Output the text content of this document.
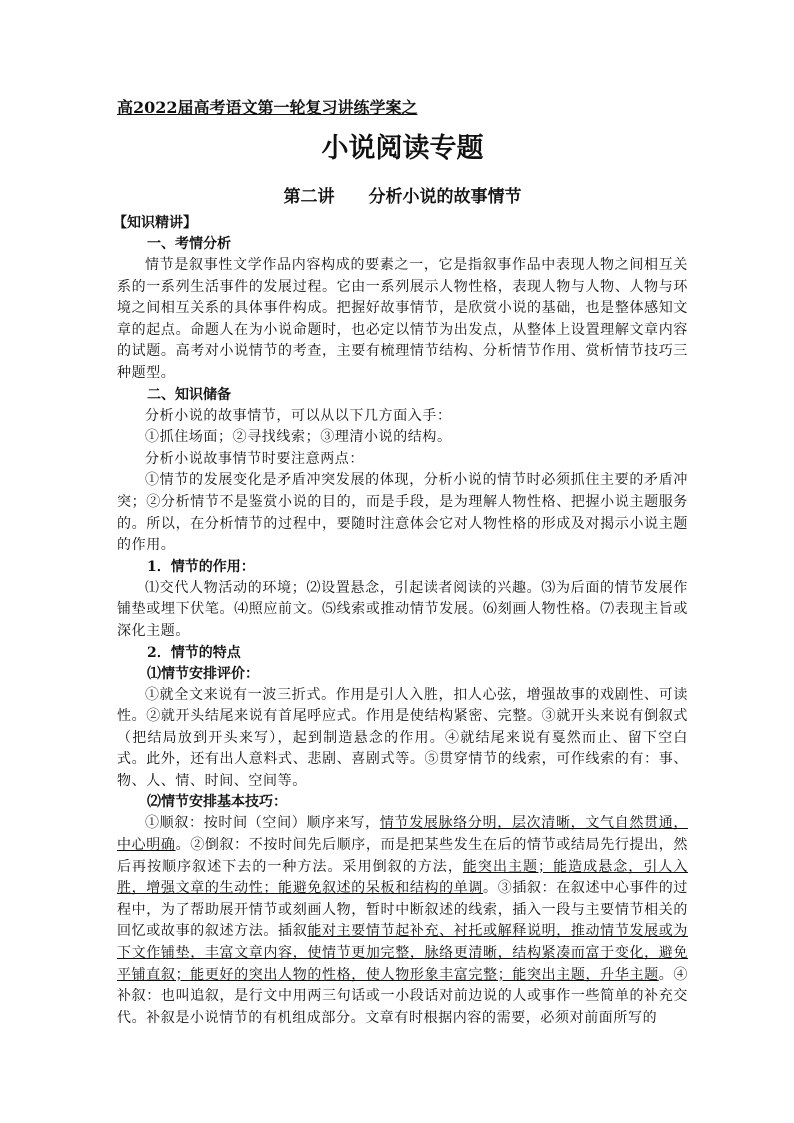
高2022届高考语文第一轮复习讲练学案之
小说阅读专题
第二讲 分析小说的故事情节
【知识精讲】
一、考情分析

情节是叙事性文学作品内容构成的要素之一，它是指叙事作品中表现人物之间相互关系的一系列生活事件的发展过程。它由一系列展示人物性格，表现人物与人物、人物与环境之间相互关系的具体事件构成。把握好故事情节，是欣赏小说的基础，也是整体感知文章的起点。命题人在为小说命题时，也必定以情节为出发点，从整体上设置理解文章内容的试题。高考对小说情节的考查，主要有梳理情节结构、分析情节作用、赏析情节技巧三种题型。

二、知识储备

分析小说的故事情节，可以从以下几方面入手：

①抓住场面；②寻找线索；③理清小说的结构。

分析小说故事情节时要注意两点：

①情节的发展变化是矛盾冲突发展的体现，分析小说的情节时必须抓住主要的矛盾冲突；②分析情节不是鉴赏小说的目的，而是手段，是为理解人物性格、把握小说主题服务的。所以，在分析情节的过程中，要随时注意体会它对人物性格的形成及对揭示小说主题的作用。

1．情节的作用：

⑴交代人物活动的环境；⑵设置悬念，引起读者阅读的兴趣。⑶为后面的情节发展作铺垫或埋下伏笔。⑷照应前文。⑸线索或推动情节发展。⑹刻画人物性格。⑺表现主旨或深化主题。

2．情节的特点
⑴情节安排评价：

①就全文来说有一波三折式。作用是引人入胜，扣人心弦，增强故事的戏剧性、可读性。②就开头结尾来说有首尾呼应式。作用是使结构紧密、完整。③就开头来说有倒叙式（把结局放到开头来写），起到制造悬念的作用。④就结尾来说有戛然而止、留下空白式。此外，还有出人意料式、悲剧、喜剧式等。⑤贯穿情节的线索，可作线索的有：事、物、人、情、时间、空间等。

⑵情节安排基本技巧：

①顺叙：按时间（空间）顺序来写，情节发展脉络分明，层次清晰，文气自然贯通，中心明确。②倒叙：不按时间先后顺序，而是把某些发生在后的情节或结局先行提出，然后再按顺序叙述下去的一种方法。采用倒叙的方法，能突出主题；能造成悬念，引人入胜，增强文章的生动性；能避免叙述的呆板和结构的单调。③插叙：在叙述中心事件的过程中，为了帮助展开情节或刻画人物，暂时中断叙述的线索，插入一段与主要情节相关的回忆或故事的叙述方法。插叙能对主要情节起补充、衬托或解释说明，推动情节发展或为下文作铺垫，丰富文章内容，使情节更加完整，脉络更清晰，结构紧凑而富于变化，避免平铺直叙；能更好的突出人物的性格，使人物形象丰富完整；能突出主题，升华主题。④补叙：也叫追叙，是行文中用两三句话或一小段话对前边说的人或事作一些简单的补充交代。补叙是小说情节的有机组成部分。文章有时根据内容的需要，必须对前面所写的
